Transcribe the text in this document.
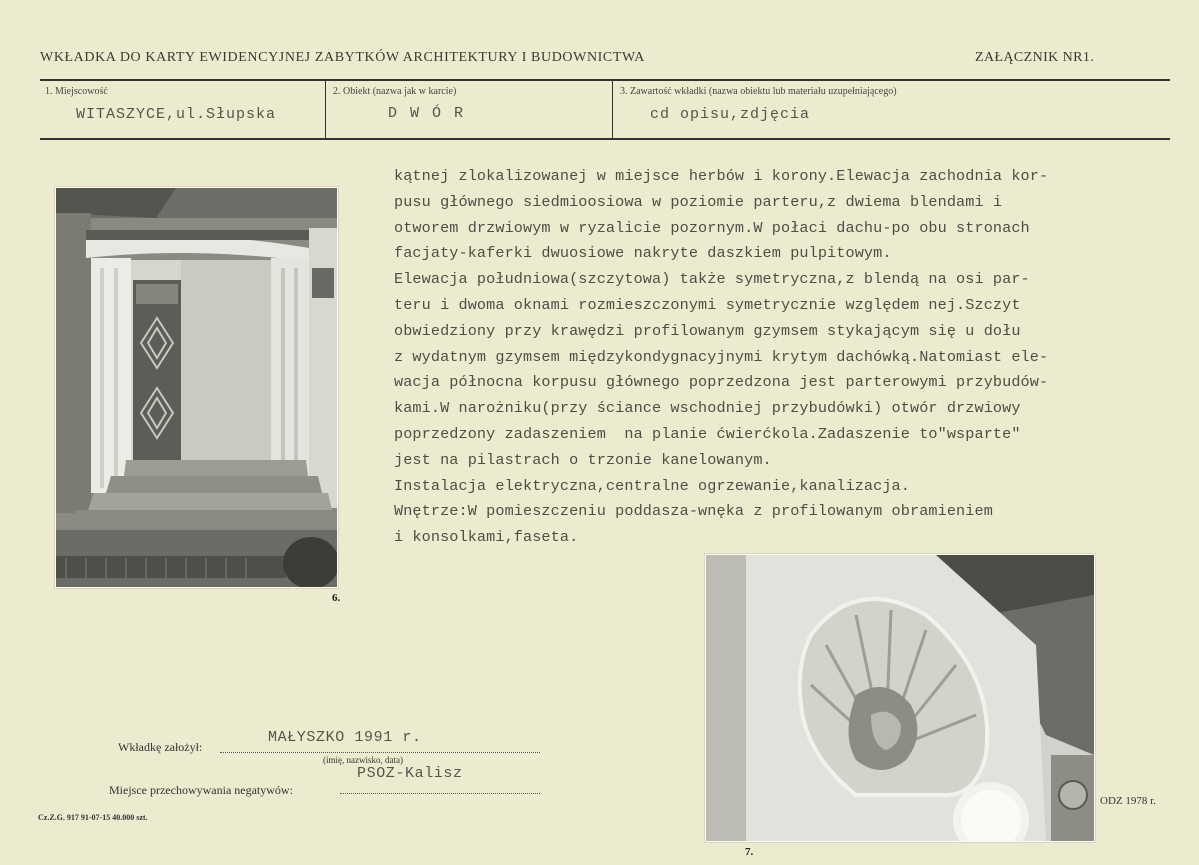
WKŁADKA DO KARTY EWIDENCYJNEJ ZABYTKÓW ARCHITEKTURY I BUDOWNICTWA	ZAŁĄCZNIK NR1.
1. Miejscowość
WITASZYCE,ul.Słupska
2. Obiekt (nazwa jak w karcie)
D W Ó R
3. Zawartość wkładki (nazwa obiektu lub materiału uzupełniającego)
cd opisu,zdjęcia
kątnej zlokalizowanej w miejsce herbów i korony.Elewacja zachodnia kor-
pusu głównego siedmioosiowa w poziomie parteru,z dwiema blendami i
otworem drzwiowym w ryzalicie pozornym.W połaci dachu-po obu stronach
facjaty-kaferki dwuosiowe nakryte daszkiem pulpitowym.
Elewacja południowa(szczytowa) także symetryczna,z blendą na osi par-
teru i dwoma oknami rozmieszczonymi symetrycznie względem nej.Szczyt
obwiedziony przy krawędzi profilowanym gzymsem stykającym się u dołu
z wydatnym gzymsem międzykondygnacyjnymi krytym dachówką.Natomiast ele-
wacja północna korpusu głównego poprzedzona jest parterowymi przybudów-
kami.W narożniku(przy ściance wschodniej przybudówki) otwór drzwiowy
poprzedzony zadaszeniem  na planie ćwierćkola.Zadaszenie to"wsparte"
jest na pilastrach o trzonie kanelowanym.
Instalacja elektryczna,centralne ogrzewanie,kanalizacja.
Wnętrze:W pomieszczeniu poddasza-wnęka z profilowanym obramieniem
i konsolkami,faseta.
6.
7.
Wkładkę założył:
MAŁYSZKO 1991 r.
(imię, nazwisko, data)
Miejsce przechowywania negatywów:
PSOZ-Kalisz
Cz.Z.G. 917 91-07-15 40.000 szt.
ODZ 1978 r.
